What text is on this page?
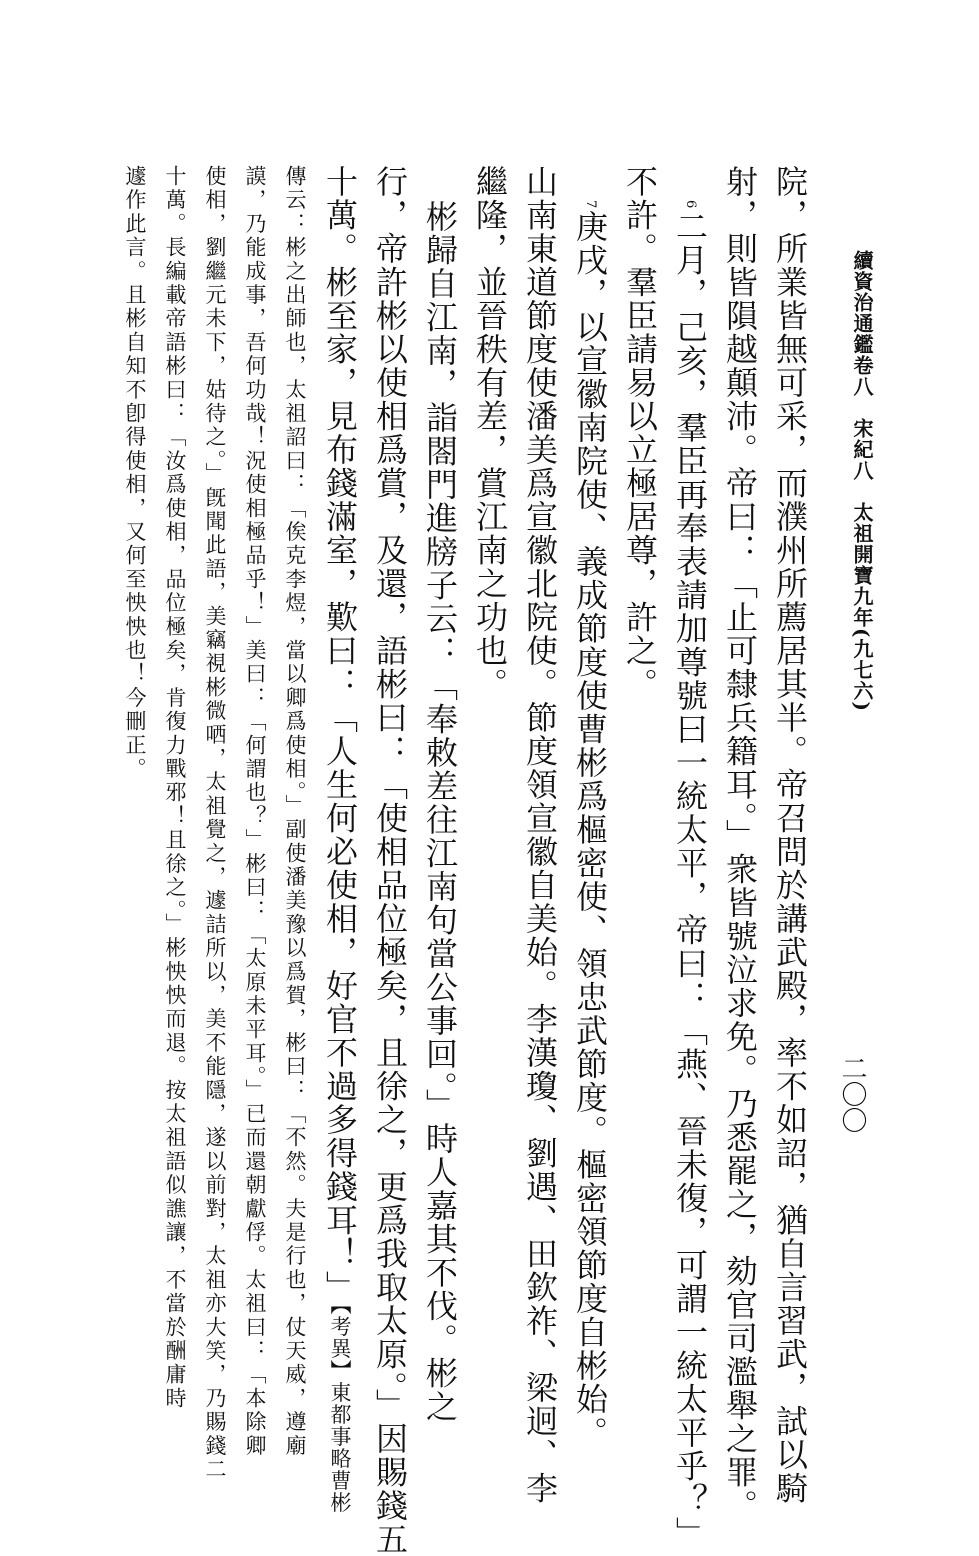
續資治通鑑卷八　宋紀八　太祖開寶九年(九七六)
二〇〇
院，所業皆無可采，而濮州所薦居其半。帝召問於講武殿，率不如詔，猶自言習武，試以騎
射，則皆隕越顛沛。帝曰：「止可隸兵籍耳。」衆皆號泣求免。乃悉罷之，劾官司濫舉之罪。
6二月，己亥，羣臣再奉表請加尊號曰一統太平，帝曰：「燕、晉未復，可謂一統太平乎？」
不許。羣臣請易以立極居尊，許之。
7庚戌，以宣徽南院使、義成節度使曹彬爲樞密使、領忠武節度。樞密領節度自彬始。
山南東道節度使潘美爲宣徽北院使。節度領宣徽自美始。李漢瓊、劉遇、田欽祚、梁迥、李
繼隆，並晉秩有差，賞江南之功也。
彬歸自江南，詣閤門進牓子云：「奉敕差往江南句當公事回。」時人嘉其不伐。彬之
行，帝許彬以使相爲賞，及還，語彬曰：「使相品位極矣，且徐之，更爲我取太原。」因賜錢五
十萬。彬至家，見布錢滿室，歎曰：「人生何必使相，好官不過多得錢耳！」【考異】東都事略曹彬
傳云：彬之出師也，太祖詔曰：「俟克李煜，當以卿爲使相。」副使潘美豫以爲賀，彬曰：「不然。夫是行也，仗天威，遵廟
謨，乃能成事，吾何功哉！況使相極品乎！」美曰：「何謂也？」彬曰：「太原未平耳。」已而還朝獻俘。太祖曰：「本除卿
使相，劉繼元未下，姑待之。」旣聞此語，美竊視彬微哂，太祖覺之，遽詰所以，美不能隱，遂以前對，太祖亦大笑，乃賜錢二
十萬。長編載帝語彬曰：「汝爲使相，品位極矣，肯復力戰邪！且徐之。」彬怏怏而退。按太祖語似譙讓，不當於酬庸時
遽作此言。且彬自知不卽得使相，又何至怏怏也！今刪正。
